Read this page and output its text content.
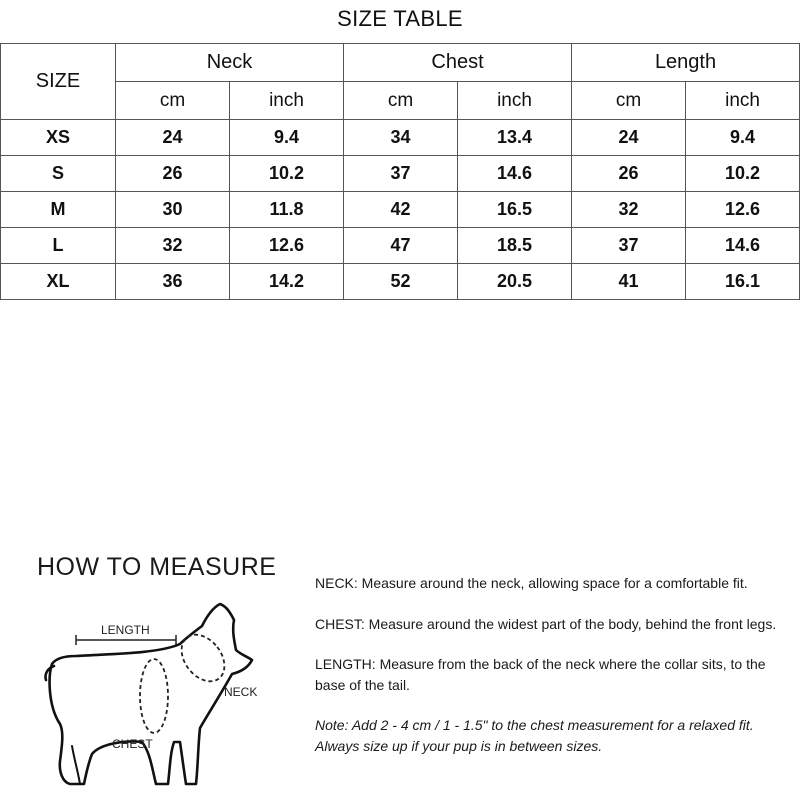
SIZE TABLE
SIZE	Neck		Chest		Length	
	cm	inch	cm	inch	cm	inch
XS	24	9.4	34	13.4	24	9.4
S	26	10.2	37	14.6	26	10.2
M	30	11.8	42	16.5	32	12.6
L	32	12.6	47	18.5	37	14.6
XL	36	14.2	52	20.5	41	16.1
HOW TO MEASURE
LENGTH
NECK
CHEST

NECK: Measure around the neck, allowing space for a comfortable fit.

CHEST: Measure around the widest part of the body, behind the front legs.

LENGTH: Measure from the back of the neck where the collar sits, to the base of the tail.

Note: Add 2 - 4 cm / 1 - 1.5" to the chest measurement for a relaxed fit. Always size up if your pup is in between sizes.
